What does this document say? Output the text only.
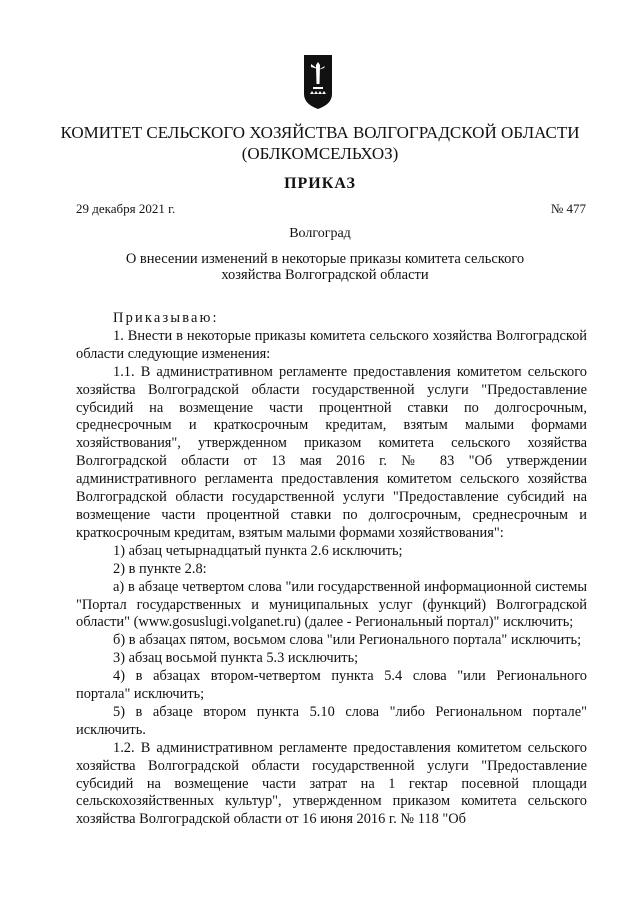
КОМИТЕТ СЕЛЬСКОГО ХОЗЯЙСТВА ВОЛГОГРАДСКОЙ ОБЛАСТИ
(ОБЛКОМСЕЛЬХОЗ)
ПРИКАЗ
29 декабря 2021 г.	№ 477
Волгоград
О внесении изменений в некоторые приказы комитета сельского хозяйства Волгоградской области

Приказываю:

1. Внести в некоторые приказы комитета сельского хозяйства Волгоградской области следующие изменения:

1.1. В административном регламенте предоставления комитетом сельского хозяйства Волгоградской области государственной услуги "Предоставление субсидий на возмещение части процентной ставки по долгосрочным, среднесрочным и краткосрочным кредитам, взятым малыми формами хозяйствования", утвержденном приказом комитета сельского хозяйства Волгоградской области от 13 мая 2016 г. № 83 "Об утверждении административного регламента предоставления комитетом сельского хозяйства Волгоградской области государственной услуги "Предоставление субсидий на возмещение части процентной ставки по долгосрочным, среднесрочным и краткосрочным кредитам, взятым малыми формами хозяйствования":

1) абзац четырнадцатый пункта 2.6 исключить;

2) в пункте 2.8:

а) в абзаце четвертом слова "или государственной информационной системы "Портал государственных и муниципальных услуг (функций) Волгоградской области" (www.gosuslugi.volganet.ru) (далее - Региональный портал)" исключить;

б) в абзацах пятом, восьмом слова "или Регионального портала" исключить;

3) абзац восьмой пункта 5.3 исключить;

4) в абзацах втором-четвертом пункта 5.4 слова "или Регионального портала" исключить;

5) в абзаце втором пункта 5.10 слова "либо Региональном портале" исключить.

1.2. В административном регламенте предоставления комитетом сельского хозяйства Волгоградской области государственной услуги "Предоставление субсидий на возмещение части затрат на 1 гектар посевной площади сельскохозяйственных культур", утвержденном приказом комитета сельского хозяйства Волгоградской области от 16 июня 2016 г. № 118 "Об
